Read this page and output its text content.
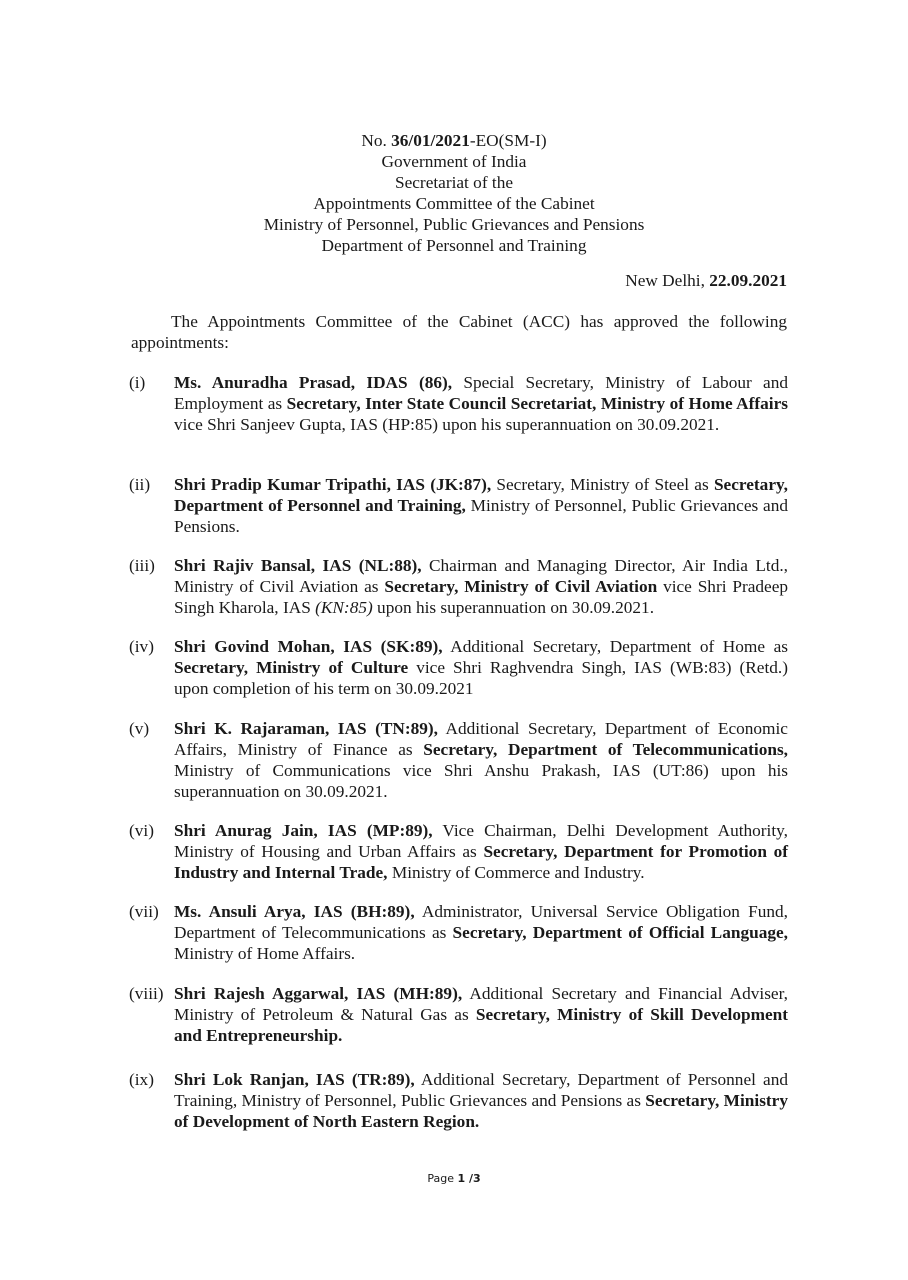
No. 36/01/2021-EO(SM-I)
Government of India
Secretariat of the
Appointments Committee of the Cabinet
Ministry of Personnel, Public Grievances and Pensions
Department of Personnel and Training
New Delhi, 22.09.2021
The Appointments Committee of the Cabinet (ACC) has approved the following appointments:
(i)	Ms. Anuradha Prasad, IDAS (86), Special Secretary, Ministry of Labour and Employment as Secretary, Inter State Council Secretariat, Ministry of Home Affairs vice Shri Sanjeev Gupta, IAS (HP:85) upon his superannuation on 30.09.2021.
(ii)	Shri Pradip Kumar Tripathi, IAS (JK:87), Secretary, Ministry of Steel as Secretary, Department of Personnel and Training, Ministry of Personnel, Public Grievances and Pensions.
(iii)	Shri Rajiv Bansal, IAS (NL:88), Chairman and Managing Director, Air India Ltd., Ministry of Civil Aviation as Secretary, Ministry of Civil Aviation vice Shri Pradeep Singh Kharola, IAS (KN:85) upon his superannuation on 30.09.2021.
(iv)	Shri Govind Mohan, IAS (SK:89), Additional Secretary, Department of Home as Secretary, Ministry of Culture vice Shri Raghvendra Singh, IAS (WB:83) (Retd.) upon completion of his term on 30.09.2021
(v)	Shri K. Rajaraman, IAS (TN:89), Additional Secretary, Department of Economic Affairs, Ministry of Finance as Secretary, Department of Telecommunications, Ministry of Communications vice Shri Anshu Prakash, IAS (UT:86) upon his superannuation on 30.09.2021.
(vi)	Shri Anurag Jain, IAS (MP:89), Vice Chairman, Delhi Development Authority, Ministry of Housing and Urban Affairs as Secretary, Department for Promotion of Industry and Internal Trade, Ministry of Commerce and Industry.
(vii) Ms. Ansuli Arya, IAS (BH:89), Administrator, Universal Service Obligation Fund, Department of Telecommunications as Secretary, Department of Official Language, Ministry of Home Affairs.
(viii) Shri Rajesh Aggarwal, IAS (MH:89), Additional Secretary and Financial Adviser, Ministry of Petroleum & Natural Gas as Secretary, Ministry of Skill Development and Entrepreneurship.
(ix)	Shri Lok Ranjan, IAS (TR:89), Additional Secretary, Department of Personnel and Training, Ministry of Personnel, Public Grievances and Pensions as Secretary, Ministry of Development of North Eastern Region.
Page 1 /3
